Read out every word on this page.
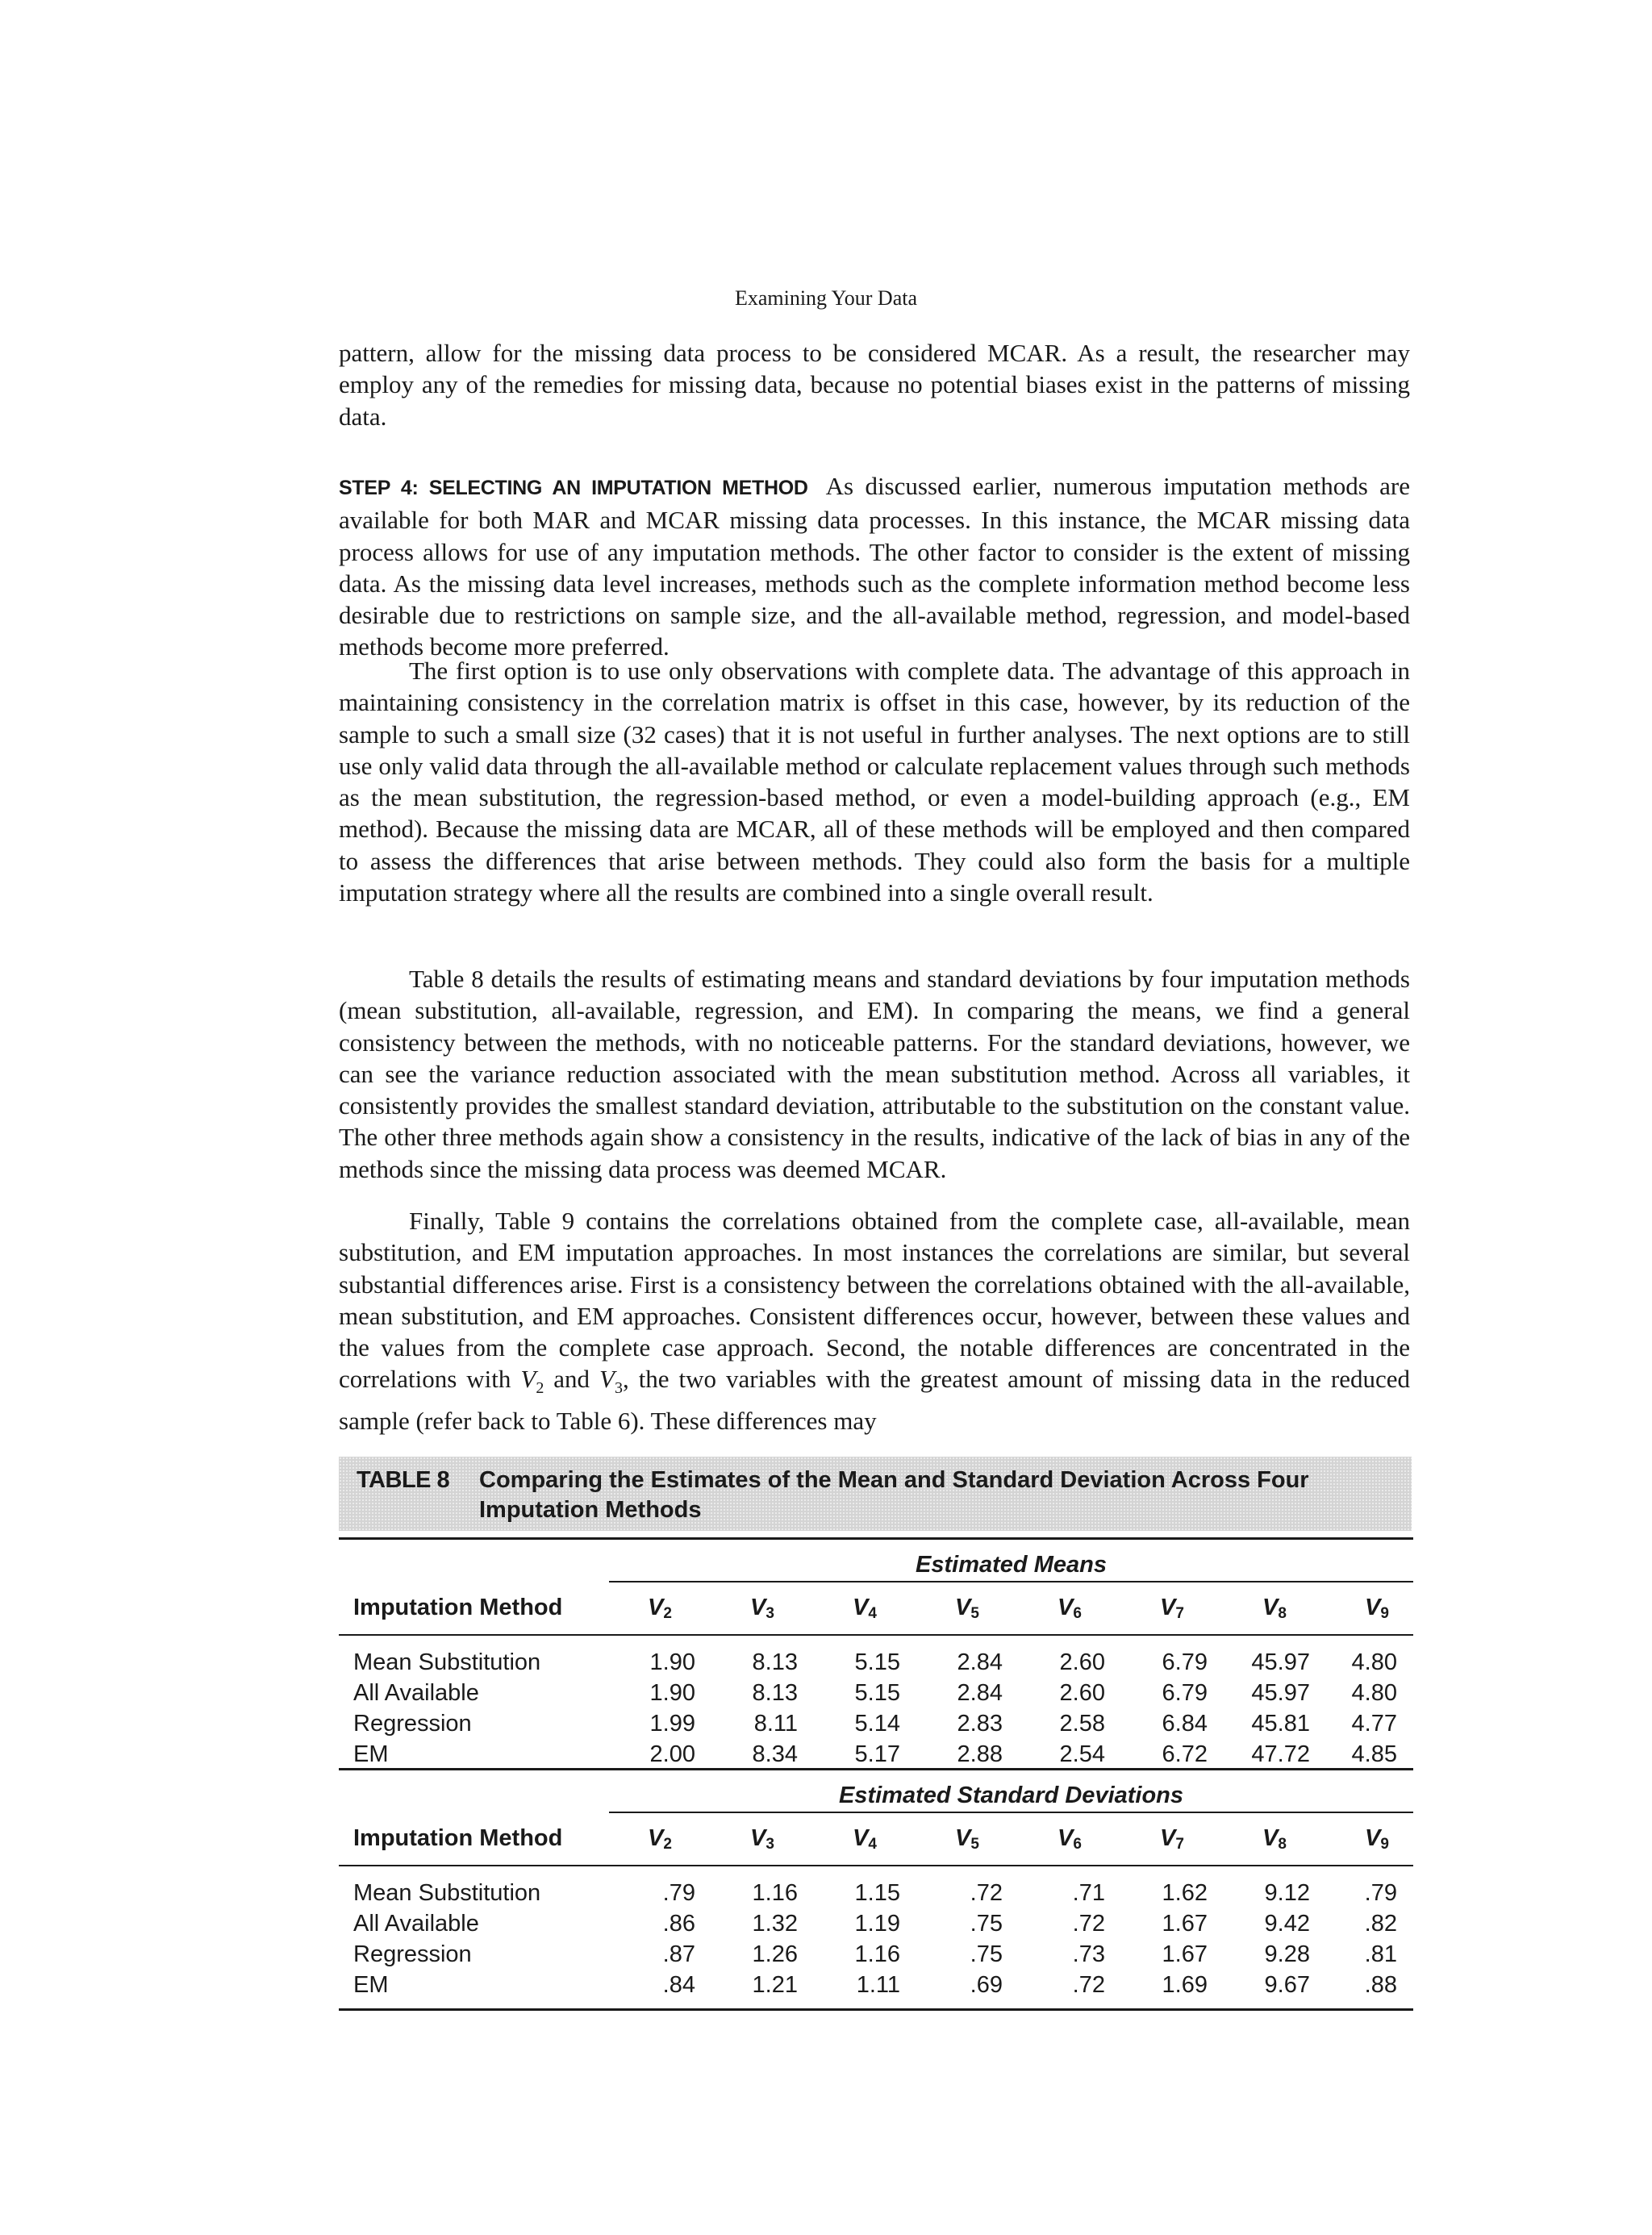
Examining Your Data

pattern, allow for the missing data process to be considered MCAR. As a result, the researcher may employ any of the remedies for missing data, because no potential biases exist in the patterns of missing data.

STEP 4: SELECTING AN IMPUTATION METHOD As discussed earlier, numerous imputation methods are available for both MAR and MCAR missing data processes. In this instance, the MCAR missing data process allows for use of any imputation methods. The other factor to consider is the extent of missing data. As the missing data level increases, methods such as the complete information method become less desirable due to restrictions on sample size, and the all-available method, regression, and model-based methods become more preferred.

The first option is to use only observations with complete data. The advantage of this approach in maintaining consistency in the correlation matrix is offset in this case, however, by its reduction of the sample to such a small size (32 cases) that it is not useful in further analyses. The next options are to still use only valid data through the all-available method or calculate replacement values through such methods as the mean substitution, the regression-based method, or even a model-building approach (e.g., EM method). Because the missing data are MCAR, all of these methods will be employed and then compared to assess the differences that arise between methods. They could also form the basis for a multiple imputation strategy where all the results are combined into a single overall result.

Table 8 details the results of estimating means and standard deviations by four imputation methods (mean substitution, all-available, regression, and EM). In comparing the means, we find a general consistency between the methods, with no noticeable patterns. For the standard deviations, however, we can see the variance reduction associated with the mean substitution method. Across all variables, it consistently provides the smallest standard deviation, attributable to the substitution on the constant value. The other three methods again show a consistency in the results, indicative of the lack of bias in any of the methods since the missing data process was deemed MCAR.

Finally, Table 9 contains the correlations obtained from the complete case, all-available, mean substitution, and EM imputation approaches. In most instances the correlations are similar, but several substantial differences arise. First is a consistency between the correlations obtained with the all-available, mean substitution, and EM approaches. Consistent differences occur, however, between these values and the values from the complete case approach. Second, the notable differences are concentrated in the correlations with $V_2$ and $V_3$, the two variables with the greatest amount of missing data in the reduced sample (refer back to Table 6). These differences may

TABLE 8 Comparing the Estimates of the Mean and Standard Deviation Across Four Imputation Methods
	Estimated Means							
Imputation Method	$V_2$	$V_3$	$V_4$	$V_5$	$V_6$	$V_7$	$V_8$	$V_9$
Mean Substitution	1.90	8.13	5.15	2.84	2.60	6.79	45.97	4.80
All Available	1.90	8.13	5.15	2.84	2.60	6.79	45.97	4.80
Regression	1.99	8.11	5.14	2.83	2.58	6.84	45.81	4.77
EM	2.00	8.34	5.17	2.88	2.54	6.72	47.72	4.85
	Estimated Standard Deviations							
Imputation Method	$V_2$	$V_3$	$V_4$	$V_5$	$V_6$	$V_7$	$V_8$	$V_9$
Mean Substitution	.79	1.16	1.15	.72	.71	1.62	9.12	.79
All Available	.86	1.32	1.19	.75	.72	1.67	9.42	.82
Regression	.87	1.26	1.16	.75	.73	1.67	9.28	.81
EM	.84	1.21	1.11	.69	.72	1.69	9.67	.88
